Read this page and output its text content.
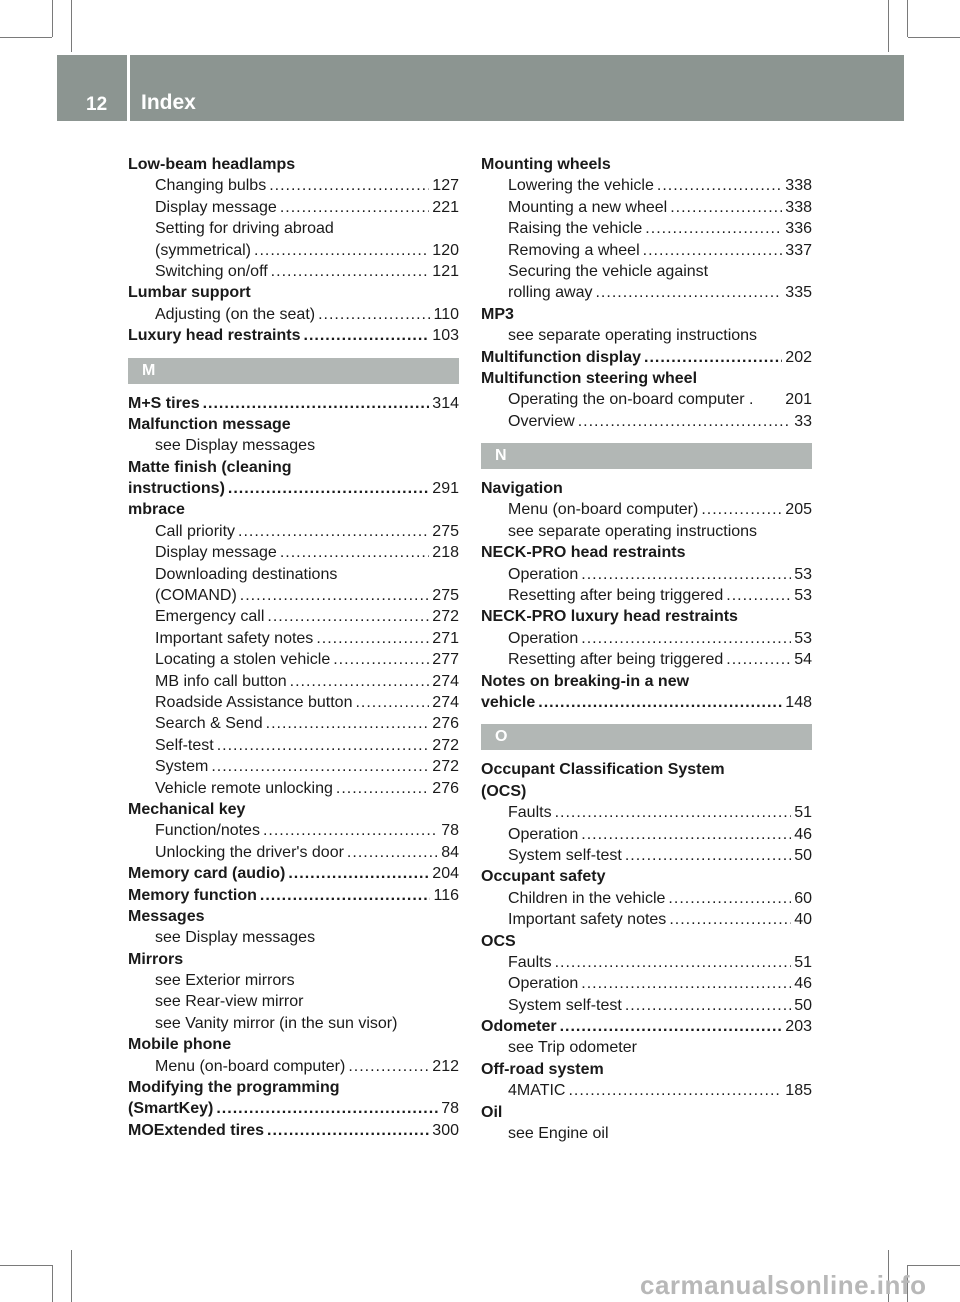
12 Index
Low-beam headlamps
Changing bulbs .....	127
Display message .....	221
Setting for driving abroad
(symmetrical) .....	120
Switching on/off .....	121
Lumbar support
Adjusting (on the seat) .....	110
Luxury head restraints .....	103
M
M+S tires .....	314
Malfunction message
see Display messages
Matte finish (cleaning
instructions) .....	291
mbrace
Call priority .....	275
Display message .....	218
Downloading destinations
(COMAND) .....	275
Emergency call .....	272
Important safety notes .....	271
Locating a stolen vehicle .....	277
MB info call button .....	274
Roadside Assistance button .....	274
Search & Send .....	276
Self-test .....	272
System .....	272
Vehicle remote unlocking .....	276
Mechanical key
Function/notes .....	78
Unlocking the driver's door .....	84
Memory card (audio) .....	204
Memory function .....	116
Messages
see Display messages
Mirrors
see Exterior mirrors
see Rear-view mirror
see Vanity mirror (in the sun visor)
Mobile phone
Menu (on-board computer) .....	212
Modifying the programming
(SmartKey) .....	78
MOExtended tires .....	300
Mounting wheels
Lowering the vehicle .....	338
Mounting a new wheel .....	338
Raising the vehicle .....	336
Removing a wheel .....	337
Securing the vehicle against
rolling away .....	335
MP3
see separate operating instructions
Multifunction display .....	202
Multifunction steering wheel
Operating the on-board computer . 201
Overview .....	33
N
Navigation
Menu (on-board computer) .....	205
see separate operating instructions
NECK-PRO head restraints
Operation .....	53
Resetting after being triggered .....	53
NECK-PRO luxury head restraints
Operation .....	53
Resetting after being triggered .....	54
Notes on breaking-in a new
vehicle .....	148
O
Occupant Classification System
(OCS)
Faults .....	51
Operation .....	46
System self-test .....	50
Occupant safety
Children in the vehicle .....	60
Important safety notes .....	40
OCS
Faults .....	51
Operation .....	46
System self-test .....	50
Odometer .....	203
see Trip odometer
Off-road system
4MATIC .....	185
Oil
see Engine oil
carmanualsonline.info
